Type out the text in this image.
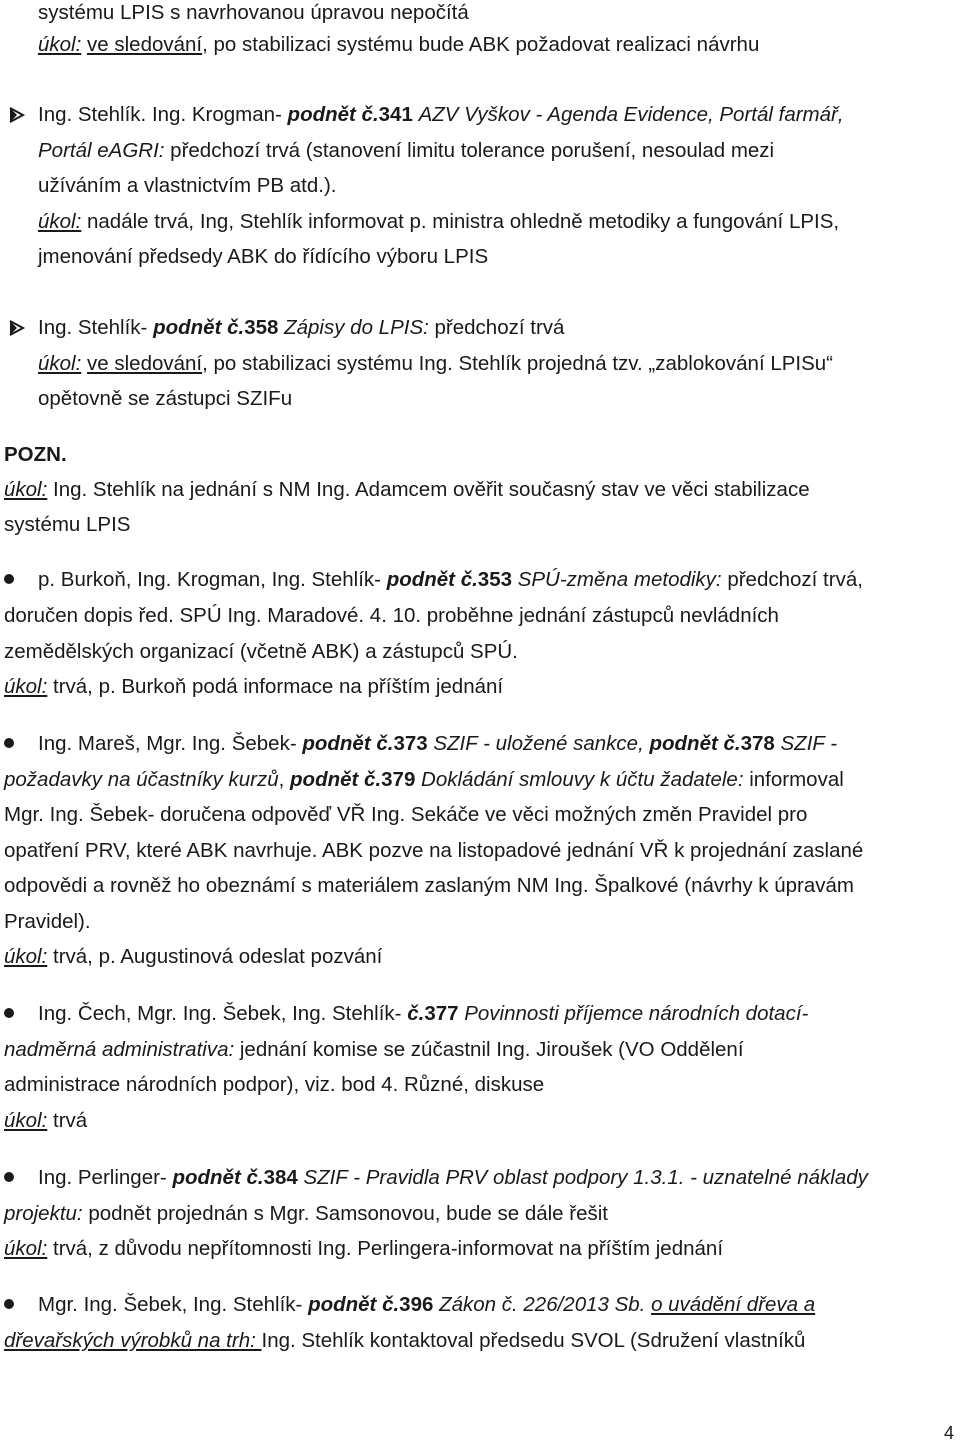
systému LPIS s navrhovanou úpravou nepočítá
úkol: ve sledování, po stabilizaci systému bude ABK požadovat realizaci návrhu
Ing. Stehlík. Ing. Krogman- podnět č.341 AZV Vyškov - Agenda Evidence, Portál farmář,
Portál eAGRI: předchozí trvá (stanovení limitu tolerance porušení, nesoulad mezi
užíváním a vlastnictvím PB atd.).
úkol: nadále trvá, Ing, Stehlík informovat p. ministra ohledně metodiky a fungování LPIS,
jmenování předsedy ABK do řídícího výboru LPIS
Ing. Stehlík- podnět č.358 Zápisy do LPIS: předchozí trvá
úkol: ve sledování, po stabilizaci systému Ing. Stehlík projedná tzv. „zablokování LPISu“
opětovně se zástupci SZIFu
POZN.
úkol: Ing. Stehlík na jednání s NM Ing. Adamcem ověřit současný stav ve věci stabilizace
systému LPIS
p. Burkoň, Ing. Krogman, Ing. Stehlík- podnět č.353 SPÚ-změna metodiky: předchozí trvá,
doručen dopis řed. SPÚ Ing. Maradové. 4. 10. proběhne jednání zástupců nevládních
zemědělských organizací (včetně ABK) a zástupců SPÚ.
úkol: trvá, p. Burkoň podá informace na příštím jednání
Ing. Mareš, Mgr. Ing. Šebek- podnět č.373 SZIF - uložené sankce, podnět č.378 SZIF -
požadavky na účastníky kurzů, podnět č.379 Dokládání smlouvy k účtu žadatele: informoval
Mgr. Ing. Šebek- doručena odpověď VŘ Ing. Sekáče ve věci možných změn Pravidel pro
opatření PRV, které ABK navrhuje. ABK pozve na listopadové jednání VŘ k projednání zaslané
odpovědi a rovněž ho obeznámí s materiálem zaslaným NM Ing. Špalkové (návrhy k úpravám
Pravidel).
úkol: trvá, p. Augustinová odeslat pozvání
Ing. Čech, Mgr. Ing. Šebek, Ing. Stehlík- č.377 Povinnosti příjemce národních dotací-
nadměrná administrativa: jednání komise se zúčastnil Ing. Jiroušek (VO Oddělení
administrace národních podpor), viz. bod 4. Různé, diskuse
úkol: trvá
Ing. Perlinger- podnět č.384 SZIF - Pravidla PRV oblast podpory 1.3.1. - uznatelné náklady
projektu: podnět projednán s Mgr. Samsonovou, bude se dále řešit
úkol: trvá, z důvodu nepřítomnosti Ing. Perlingera-informovat na příštím jednání
Mgr. Ing. Šebek, Ing. Stehlík- podnět č.396 Zákon č. 226/2013 Sb. o uvádění dřeva a
dřevařských výrobků na trh: Ing. Stehlík kontaktoval předsedu SVOL (Sdružení vlastníků
4
